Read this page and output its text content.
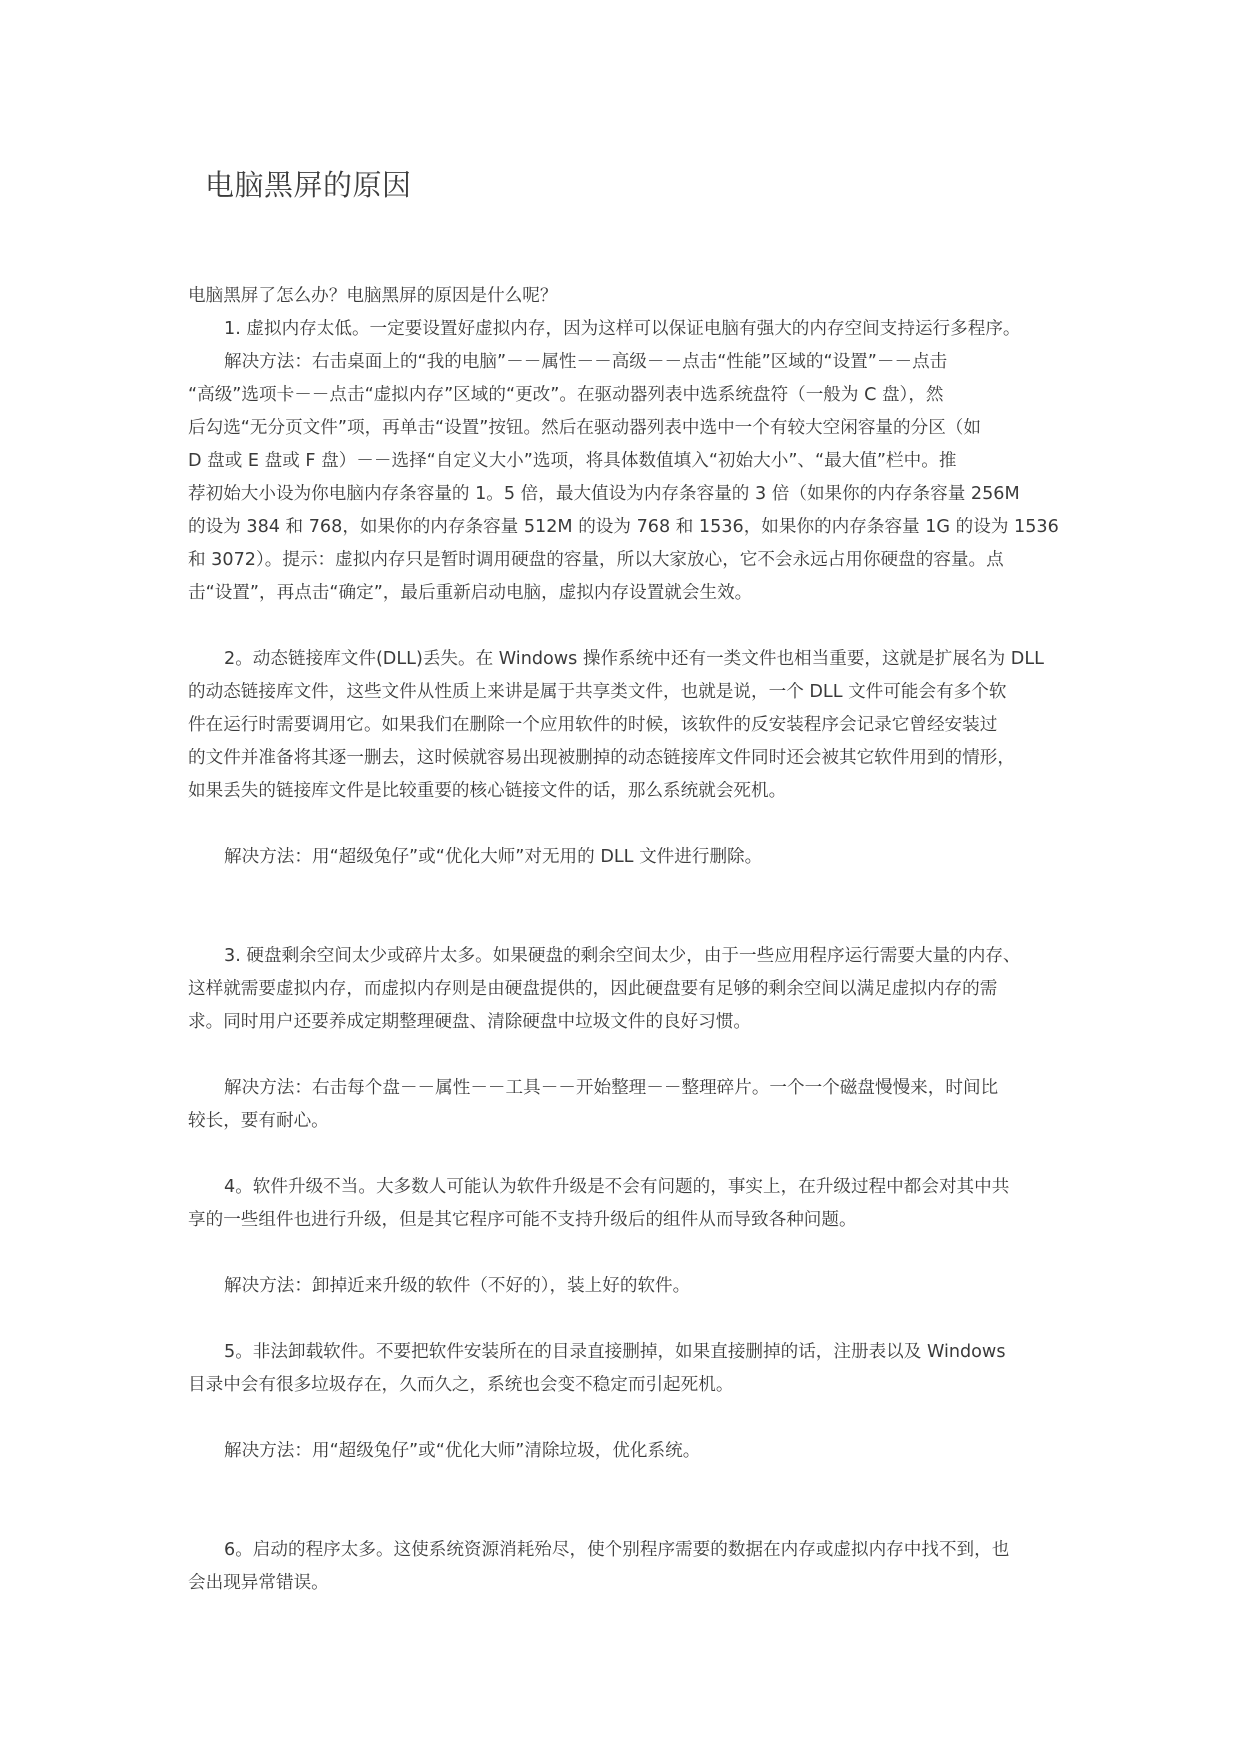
电脑黑屏的原因
电脑黑屏了怎么办？电脑黑屏的原因是什么呢？
1. 虚拟内存太低。一定要设置好虚拟内存，因为这样可以保证电脑有强大的内存空间支持运行多程序。
解决方法：右击桌面上的“我的电脑”－－属性－－高级－－点击“性能”区域的“设置”－－点击
“高级”选项卡－－点击“虚拟内存”区域的“更改”。在驱动器列表中选系统盘符（一般为 C 盘），然
后勾选“无分页文件”项，再单击“设置”按钮。然后在驱动器列表中选中一个有较大空闲容量的分区（如
D 盘或 E 盘或 F 盘）－－选择“自定义大小”选项，将具体数值填入“初始大小”、“最大值”栏中。推
荐初始大小设为你电脑内存条容量的 1。5 倍，最大值设为内存条容量的 3 倍（如果你的内存条容量 256M
的设为 384 和 768，如果你的内存条容量 512M 的设为 768 和 1536，如果你的内存条容量 1G 的设为 1536
和 3072）。提示：虚拟内存只是暂时调用硬盘的容量，所以大家放心，它不会永远占用你硬盘的容量。点
击“设置”，再点击“确定”，最后重新启动电脑，虚拟内存设置就会生效。
2。动态链接库文件(DLL)丢失。在 Windows 操作系统中还有一类文件也相当重要，这就是扩展名为 DLL
的动态链接库文件，这些文件从性质上来讲是属于共享类文件，也就是说，一个 DLL 文件可能会有多个软
件在运行时需要调用它。如果我们在删除一个应用软件的时候，该软件的反安装程序会记录它曾经安装过
的文件并准备将其逐一删去，这时候就容易出现被删掉的动态链接库文件同时还会被其它软件用到的情形，
如果丢失的链接库文件是比较重要的核心链接文件的话，那么系统就会死机。
解决方法：用“超级兔仔”或“优化大师”对无用的 DLL 文件进行删除。
3. 硬盘剩余空间太少或碎片太多。如果硬盘的剩余空间太少，由于一些应用程序运行需要大量的内存、
这样就需要虚拟内存，而虚拟内存则是由硬盘提供的，因此硬盘要有足够的剩余空间以满足虚拟内存的需
求。同时用户还要养成定期整理硬盘、清除硬盘中垃圾文件的良好习惯。
解决方法：右击每个盘－－属性－－工具－－开始整理－－整理碎片。一个一个磁盘慢慢来，时间比
较长，要有耐心。
4。软件升级不当。大多数人可能认为软件升级是不会有问题的，事实上，在升级过程中都会对其中共
享的一些组件也进行升级，但是其它程序可能不支持升级后的组件从而导致各种问题。
解决方法：卸掉近来升级的软件（不好的），装上好的软件。
5。非法卸载软件。不要把软件安装所在的目录直接删掉，如果直接删掉的话，注册表以及 Windows
目录中会有很多垃圾存在，久而久之，系统也会变不稳定而引起死机。
解决方法：用“超级兔仔”或“优化大师”清除垃圾，优化系统。
6。启动的程序太多。这使系统资源消耗殆尽，使个别程序需要的数据在内存或虚拟内存中找不到，也
会出现异常错误。
